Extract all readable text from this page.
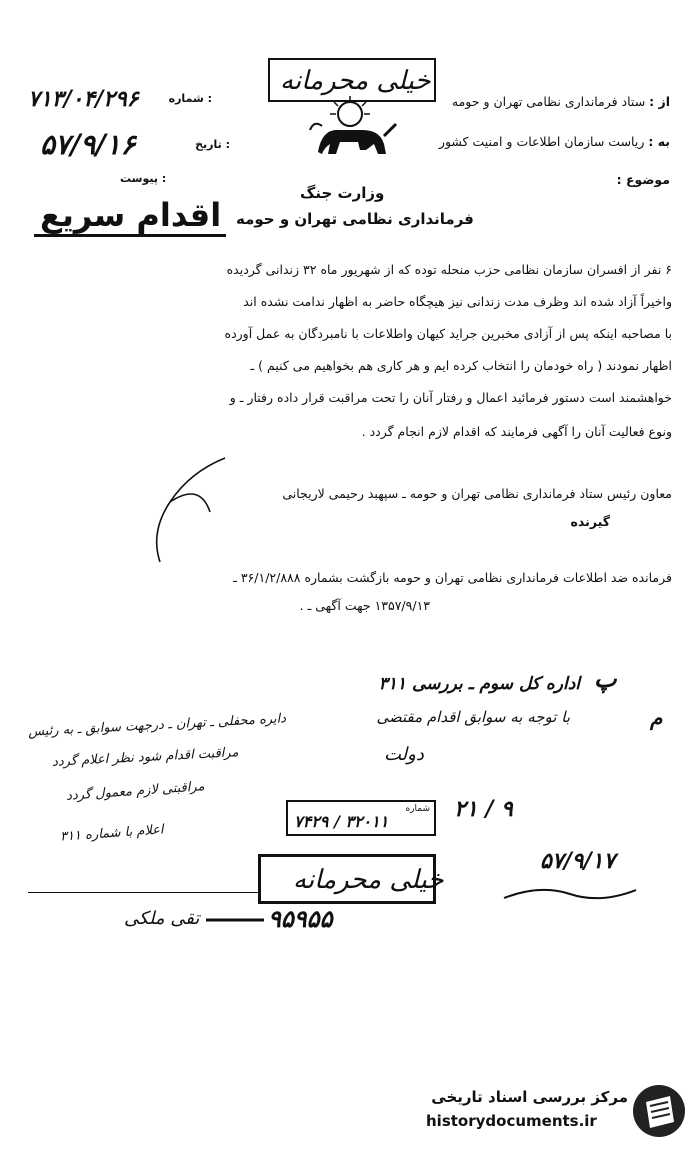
خیلی محرمانه
از : ستاد فرمانداری نظامی تهران و حومه
به : ریاست سازمان اطلاعات و امنیت کشور
موضوع :
۷۱۳/۰۴/۲۹۶	شماره :
۵۷/۹/۱۶	تاریخ :
پیوست :
وزارت جنگ
فرمانداری نظامی تهران و حومه
اقدام سریع
۶ نفر از افسران سازمان نظامی حزب منحله توده که از شهریور ماه ۳۲ زندانی گردیده
واخیراً آزاد شده اند وظرف مدت زندانی نیز هیچگاه حاضر به اظهار ندامت نشده اند
با مصاحبه اینکه پس از آزادی مخبرین جراید کیهان واطلاعات با نامبردگان به عمل آورده
اظهار نمودند ( راه خودمان را انتخاب کرده ایم و هر کاری هم بخواهیم می کنیم ) ـ
خواهشمند است دستور فرمائید اعمال و رفتار آنان را تحت مراقبت قرار داده رفتار ـ و
ونوع فعالیت آنان را آگهی فرمایند که اقدام لازم انجام گردد .
معاون رئیس ستاد فرمانداری نظامی تهران و حومه ـ سپهبد رحیمی لاریجانی
گیرنده
فرمانده ضد اطلاعات فرمانداری نظامی تهران و حومه بازگشت بشماره ۳۶/۱/۲/۸۸۸ ـ
۱۳۵۷/۹/۱۳ جهت آگهی ـ .
پ
اداره کل سوم ـ بررسی ۳۱۱
با توجه به سوابق اقدام مقتضی
دولت
م
دایره محفلی ـ تهران ـ درجهت سوابق ـ به رئیس
مراقبت اقدام شود نظر اعلام گردد
مراقبتی لازم معمول گردد
اعلام با شماره ۳۱۱
شماره
۷۴۲۹ / ۳۲۰۱۱	۲۱ / ۹
۵۷/۹/۱۷
خیلی محرمانه
تقی ملکی	۹۵۹۵۵
مرکز بررسی اسناد تاریخی
historydocuments.ir
